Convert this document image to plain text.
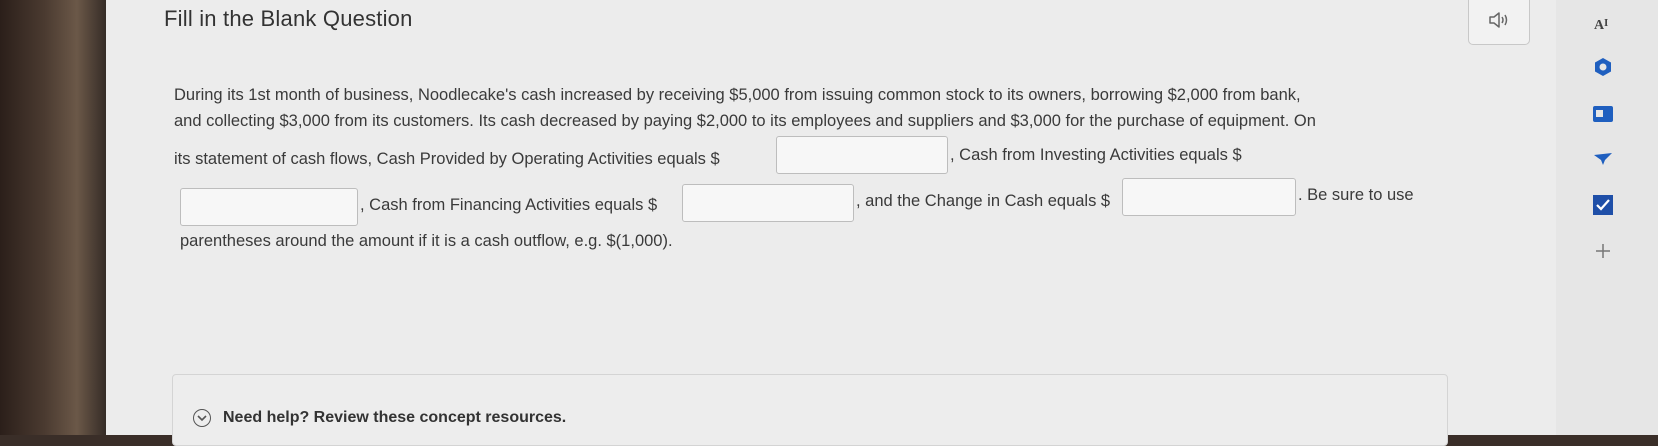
Fill in the Blank Question
During its 1st month of business, Noodlecake's cash increased by receiving $5,000 from issuing common stock to its owners, borrowing $2,000 from bank,
and collecting $3,000 from its customers. Its cash decreased by paying $2,000 to its employees and suppliers and $3,000 for the purchase of equipment. On
its statement of cash flows, Cash Provided by Operating Activities equals $	, Cash from Investing Activities equals $
, Cash from Financing Activities equals $	, and the Change in Cash equals $	. Be sure to use
parentheses around the amount if it is a cash outflow, e.g. $(1,000).
Need help? Review these concept resources.
A I
